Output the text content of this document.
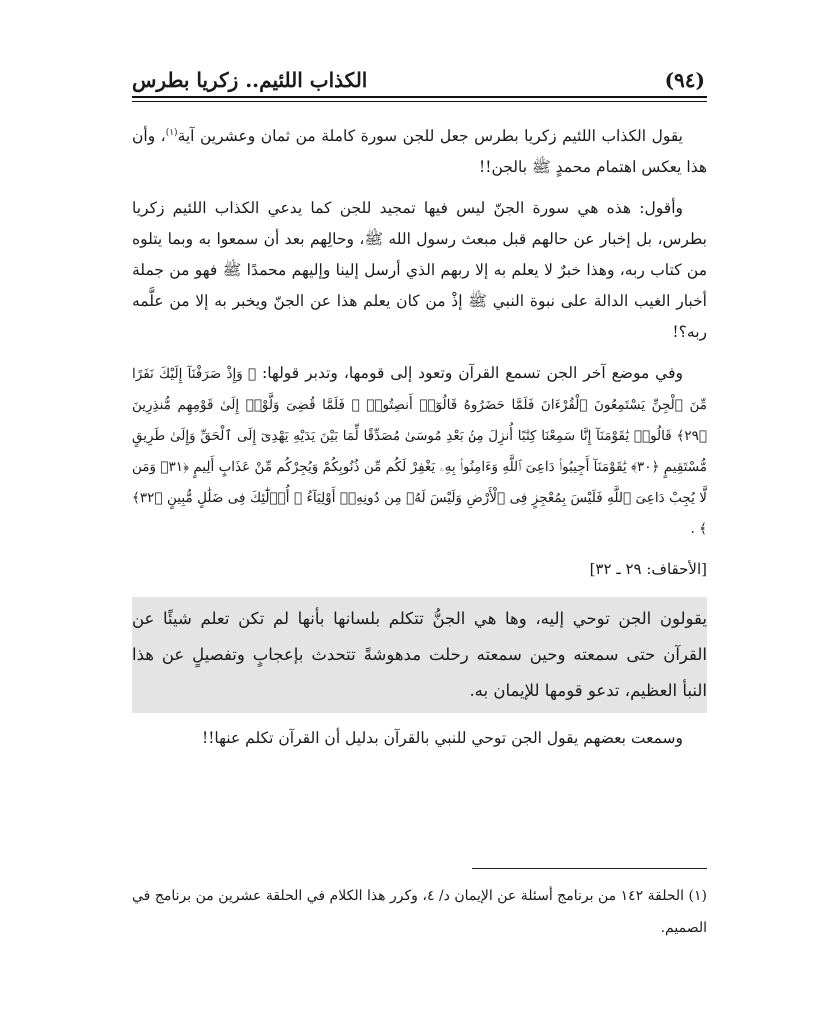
(٩٤)
الكذاب اللئيم.. زكريا بطرس

يقول الكذاب اللئيم زكريا بطرس جعل للجن سورة كاملة من ثمان وعشرين آية$^{(١)}$، وأن هذا يعكس اهتمام محمدٍ ﷺ بالجن!!

وأقول: هذه هي سورة الجنّ ليس فيها تمجيد للجن كما يدعي الكذاب اللئيم زكريا بطرس، بل إخبار عن حالهم قبل مبعث رسول الله ﷺ، وحالِهم بعد أن سمعوا به وبما يتلوه من كتاب ربه، وهذا خبرٌ لا يعلم به إلا ربهم الذي أرسل إلينا وإليهم محمدًا ﷺ فهو من جملة أخبار الغيب الدالة على نبوة النبي ﷺ إذْ من كان يعلم هذا عن الجنّ ويخبر به إلا من علَّمه ربه؟!

وفي موضع آخر الجن تسمع القرآن وتعود إلى قومها، وتدبر قولها: ﴿ وَإِذْ صَرَفْنَآ إِلَيْكَ نَفَرًا مِّنَ ٱلْجِنِّ يَسْتَمِعُونَ ٱلْقُرْءَانَ فَلَمَّا حَضَرُوهُ قَالُوٓا۟ أَنصِتُوا۟ ۖ فَلَمَّا قُضِىَ وَلَّوْا۟ إِلَىٰ قَوْمِهِم مُّنذِرِينَ ﴿٢٩﴾ قَالُوا۟ يَٰقَوْمَنَآ إِنَّا سَمِعْنَا كِتَٰبًا أُنزِلَ مِنۢ بَعْدِ مُوسَىٰ مُصَدِّقًا لِّمَا بَيْنَ يَدَيْهِ يَهْدِىٓ إِلَى ٱلْحَقِّ وَإِلَىٰ طَرِيقٍ مُّسْتَقِيمٍ ﴿٣٠﴾ يَٰقَوْمَنَآ أَجِيبُوا۟ دَاعِىَ ٱللَّهِ وَءَامِنُوا۟ بِهِۦ يَغْفِرْ لَكُم مِّن ذُنُوبِكُمْ وَيُجِرْكُم مِّنْ عَذَابٍ أَلِيمٍ ﴿٣١﴾ وَمَن لَّا يُجِبْ دَاعِىَ ٱللَّهِ فَلَيْسَ بِمُعْجِزٍ فِى ٱلْأَرْضِ وَلَيْسَ لَهُۥ مِن دُونِهِۦٓ أَوْلِيَآءُ ۚ أُو۟لَٰٓئِكَ فِى ضَلَٰلٍ مُّبِينٍ ﴿٣٢﴾ ﴾ .

[الأحقاف: ٢٩ ـ ٣٢]

يقولون الجن توحي إليه، وها هي الجنُّ تتكلم بلسانها بأنها لم تكن تعلم شيئًا عن القرآن حتى سمعته وحين سمعته رحلت مدهوشةً تتحدث بإعجابٍ وتفصيلٍ عن هذا النبأ العظيم، تدعو قومها للإيمان به.

وسمعت بعضهم يقول الجن توحي للنبي بالقرآن بدليل أن القرآن تكلم عنها!!

(١) الحلقة ١٤٢ من برنامج أسئلة عن الإيمان د/ ٤، وكرر هذا الكلام في الحلقة عشرين من برنامج في الصميم.
